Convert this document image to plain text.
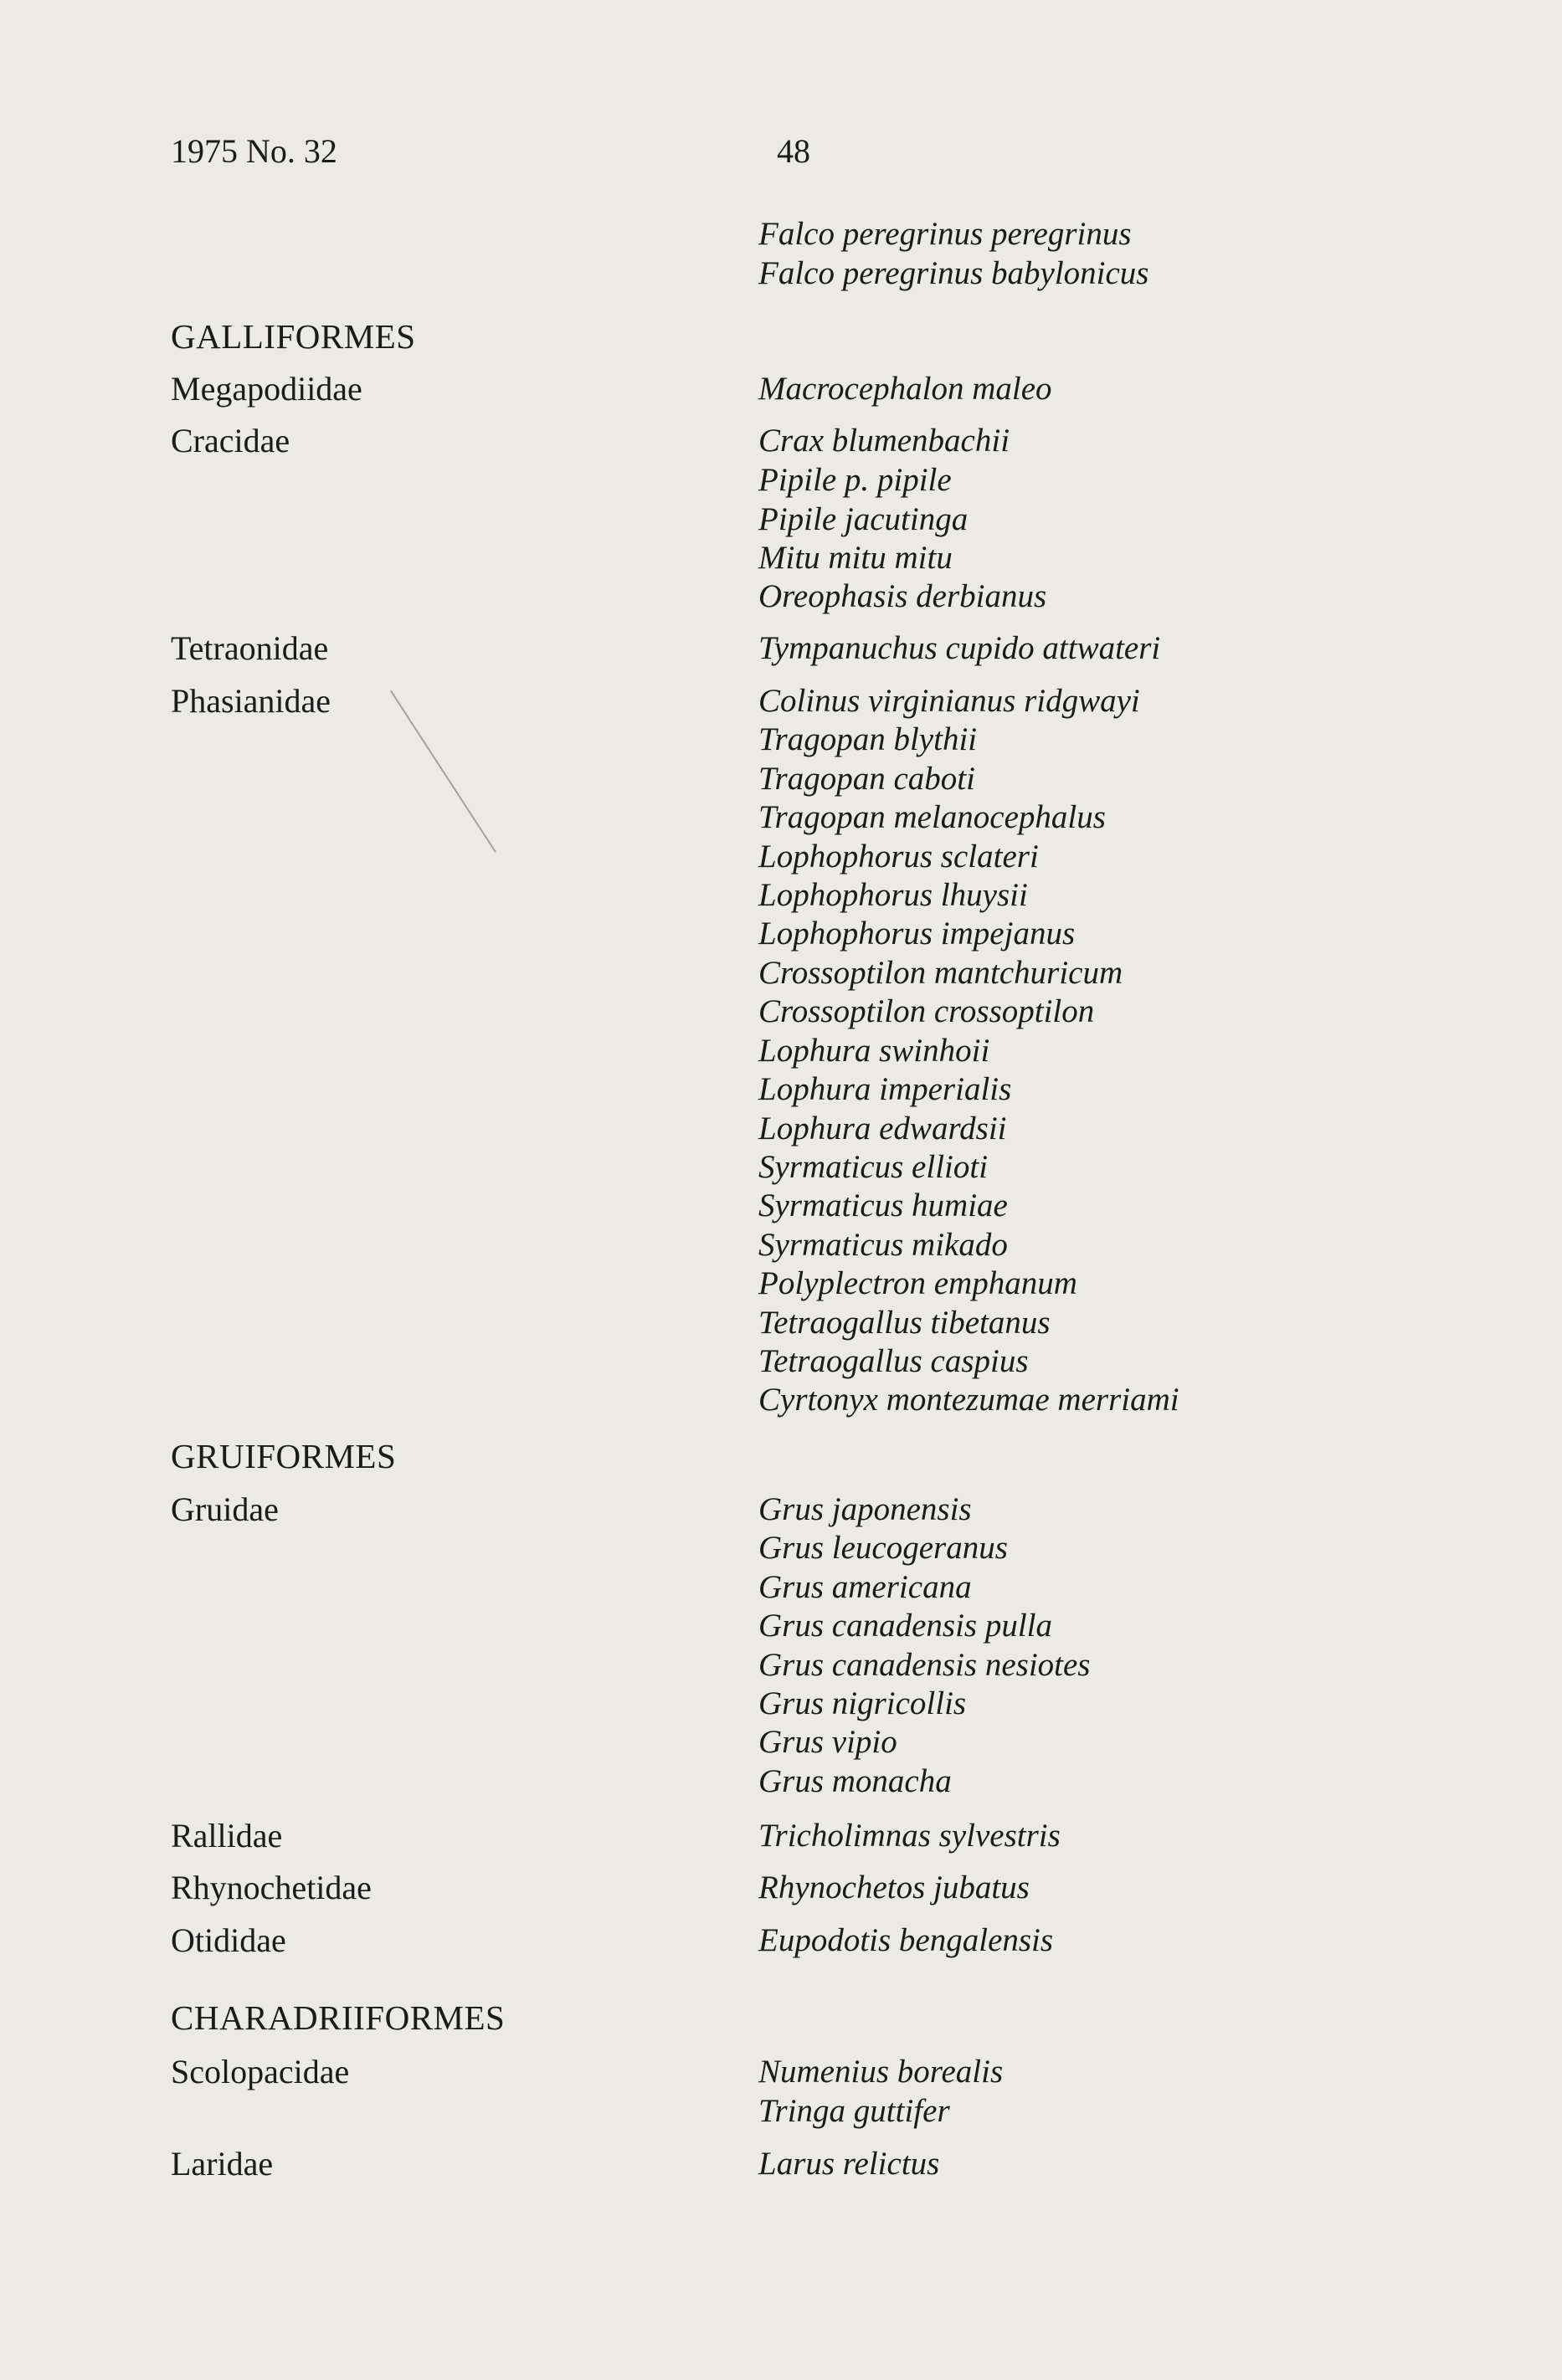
1975 No. 32	48
Falco peregrinus peregrinus
Falco peregrinus babylonicus
GALLIFORMES
Megapodiidae
Cracidae
Tetraonidae
Phasianidae
GRUIFORMES
Gruidae
Rallidae
Rhynochetidae
Otididae
CHARADRIIFORMES
Scolopacidae
Laridae
Macrocephalon maleo
Crax blumenbachii
Pipile p. pipile
Pipile jacutinga
Mitu mitu mitu
Oreophasis derbianus
Tympanuchus cupido attwateri
Colinus virginianus ridgwayi
Tragopan blythii
Tragopan caboti
Tragopan melanocephalus
Lophophorus sclateri
Lophophorus lhuysii
Lophophorus impejanus
Crossoptilon mantchuricum
Crossoptilon crossoptilon
Lophura swinhoii
Lophura imperialis
Lophura edwardsii
Syrmaticus ellioti
Syrmaticus humiae
Syrmaticus mikado
Polyplectron emphanum
Tetraogallus tibetanus
Tetraogallus caspius
Cyrtonyx montezumae merriami
Grus japonensis
Grus leucogeranus
Grus americana
Grus canadensis pulla
Grus canadensis nesiotes
Grus nigricollis
Grus vipio
Grus monacha
Tricholimnas sylvestris
Rhynochetos jubatus
Eupodotis bengalensis
Numenius borealis
Tringa guttifer
Larus relictus
